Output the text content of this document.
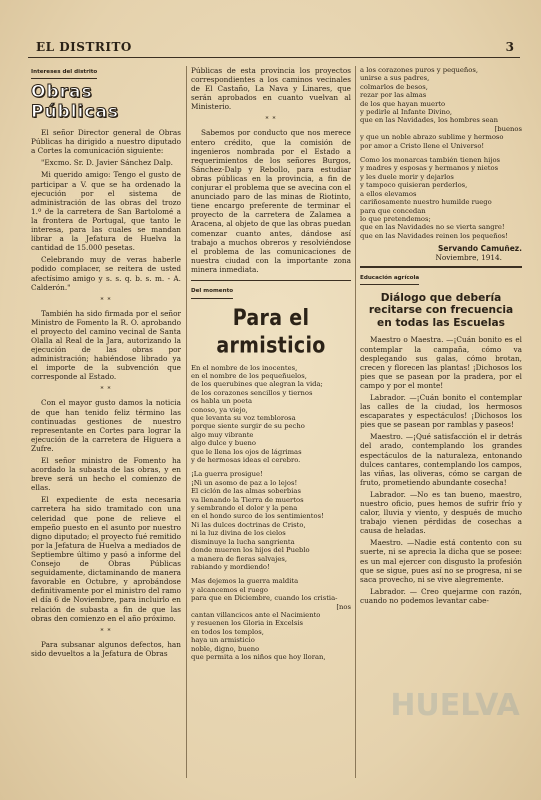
EL DISTRITO	3
Intereses del distrito
Obras Públicas

El señor Director general de Obras Públicas ha dirigido a nuestro diputado a Cortes la comunicación siguiente:

"Excmo. Sr. D. Javier Sánchez Dalp.

Mi querido amigo: Tengo el gusto de participar a V. que se ha ordenado la ejecución por el sistema de administración de las obras del trozo 1.º de la carretera de San Bartolomé a la frontera de Portugal, que tanto le interesa, para las cuales se mandan librar a la Jefatura de Huelva la cantidad de 15.000 pesetas.

Celebrando muy de veras haberle podido complacer, se reitera de usted afectísimo amigo y s. s. q. b. s. m. - A. Calderón."

* *

También ha sido firmada por el señor Ministro de Fomento la R. O. aprobando el proyecto del camino vecinal de Santa Olalla al Real de la Jara, autorizando la ejecución de las obras por administración; habiéndose librado ya el importe de la subvención que corresponde al Estado.

* *

Con el mayor gusto damos la noticia de que han tenido feliz término las continuadas gestiones de nuestro representante en Cortes para lograr la ejecución de la carretera de Higuera a Zufre.

El señor ministro de Fomento ha acordado la subasta de las obras, y en breve será un hecho el comienzo de ellas.

El expediente de esta necesaria carretera ha sido tramitado con una celeridad que pone de relieve el empeño puesto en el asunto por nuestro digno diputado; el proyecto fué remitido por la Jefatura de Huelva a mediados de Septiembre último y pasó a informe del Consejo de Obras Públicas seguidamente, dictaminando de manera favorable en Octubre, y aprobándose definitivamente por el ministro del ramo el día 6 de Noviembre, para incluirlo en relación de subasta a fin de que las obras den comienzo en el año próximo.

* *

Para subsanar algunos defectos, han sido devueltos a la Jefatura de Obras

Públicas de esta provincia los proyectos correspondientes a los caminos vecinales de El Castaño, La Nava y Linares, que serán aprobados en cuanto vuelvan al Ministerio.

* *

Sabemos por conducto que nos merece entero crédito, que la comisión de ingenieros nombrada por el Estado a requerimientos de los señores Burgos, Sánchez-Dalp y Rebollo, para estudiar obras públicas en la provincia, a fin de conjurar el problema que se avecina con el anunciado paro de las minas de Riotinto, tiene encargo preferente de terminar el proyecto de la carretera de Zalamea a Aracena, al objeto de que las obras puedan comenzar cuanto antes, dándose así trabajo a muchos obreros y resolviéndose el problema de las comunicaciones de nuestra ciudad con la importante zona minera inmediata.

Del momento
Para el armisticio
En el nombre de los inocentes,
en el nombre de los pequeñuelos,
de los querubines que alegran la vida;
de los corazones sencillos y tiernos
os habla un poeta
conoso, ya viejo,
que levanta su voz temblorosa
porque siente surgir de su pecho
algo muy vibrante
algo dulce y bueno
que le llena los ojos de lágrimas
y de hermosas ideas el cerebro.
¡La guerra prosigue!
¡Ni un asomo de paz a lo lejos!
El ciclón de las almas soberbias
va llenando la Tierra de muertos
y sembrando el dolor y la pena
en el hondo surco de los sentimientos!
Ni las dulces doctrinas de Cristo,
ni la luz divina de los cielos
disminuye la lucha sangrienta
donde mueren los hijos del Pueblo
a manera de fieras salvajes,
rabiando y mordiendo!
Mas dejemos la guerra maldita
y alcancemos el ruego
para que en Diciembre, cuando los cristia-
[nos
cantan villancicos ante el Nacimiento
y resuenen los Gloria in Excelsis
en todos los templos,
haya un armisticio
noble, digno, bueno
que permita a los niños que hoy lloran,
a los corazones puros y pequeños,
unirse a sus padres,
colmarlos de besos,
rezar por las almas
de los que hayan muerto
y pedirle al Infante Divino,
que en las Navidades, los hombres sean
[buenos
y que un noble abrazo sublime y hermoso
por amor a Cristo llene el Universo!
Como los monarcas también tienen hijos
y madres y esposas y hermanos y nietos
y les duele morir y dejarlos
y tampoco quisieran perderlos,
a ellos elevamos
cariñosamente nuestro humilde ruego
para que concedan
lo que pretendemos;
que en las Navidades no se vierta sangre!
que en las Navidades reinen los pequeños!
Servando Camuñez.
Noviembre, 1914.
Educación agrícola
Diálogo que debería recitarse con frecuencia en todas las Escuelas

Maestro o Maestra. —¡Cuán bonito es el contemplar la campaña, cómo va desplegando sus galas, cómo brotan, crecen y florecen las plantas! ¡Dichosos los pies que se pasean por la pradera, por el campo y por el monte!

Labrador. —¡Cuán bonito el contemplar las calles de la ciudad, los hermosos escaparates y espectáculos! ¡Dichosos los pies que se pasean por ramblas y paseos!

Maestro. —¡Qué satisfacción el ir detrás del arado, contemplando los grandes espectáculos de la naturaleza, entonando dulces cantares, contemplando los campos, las viñas, las oliveras, cómo se cargan de fruto, prometiendo abundante cosecha!

Labrador. —No es tan bueno, maestro, nuestro oficio, pues hemos de sufrir frío y calor, lluvia y viento, y después de mucho trabajo vienen pérdidas de cosechas a causa de heladas.

Maestro. —Nadie está contento con su suerte, ni se aprecia la dicha que se posee: es un mal ejercer con disgusto la profesión que se sigue, pues así no se progresa, ni se saca provecho, ni se vive alegremente.

Labrador. — Creo quejarme con razón, cuando no podemos levantar cabe-

HUELVA
